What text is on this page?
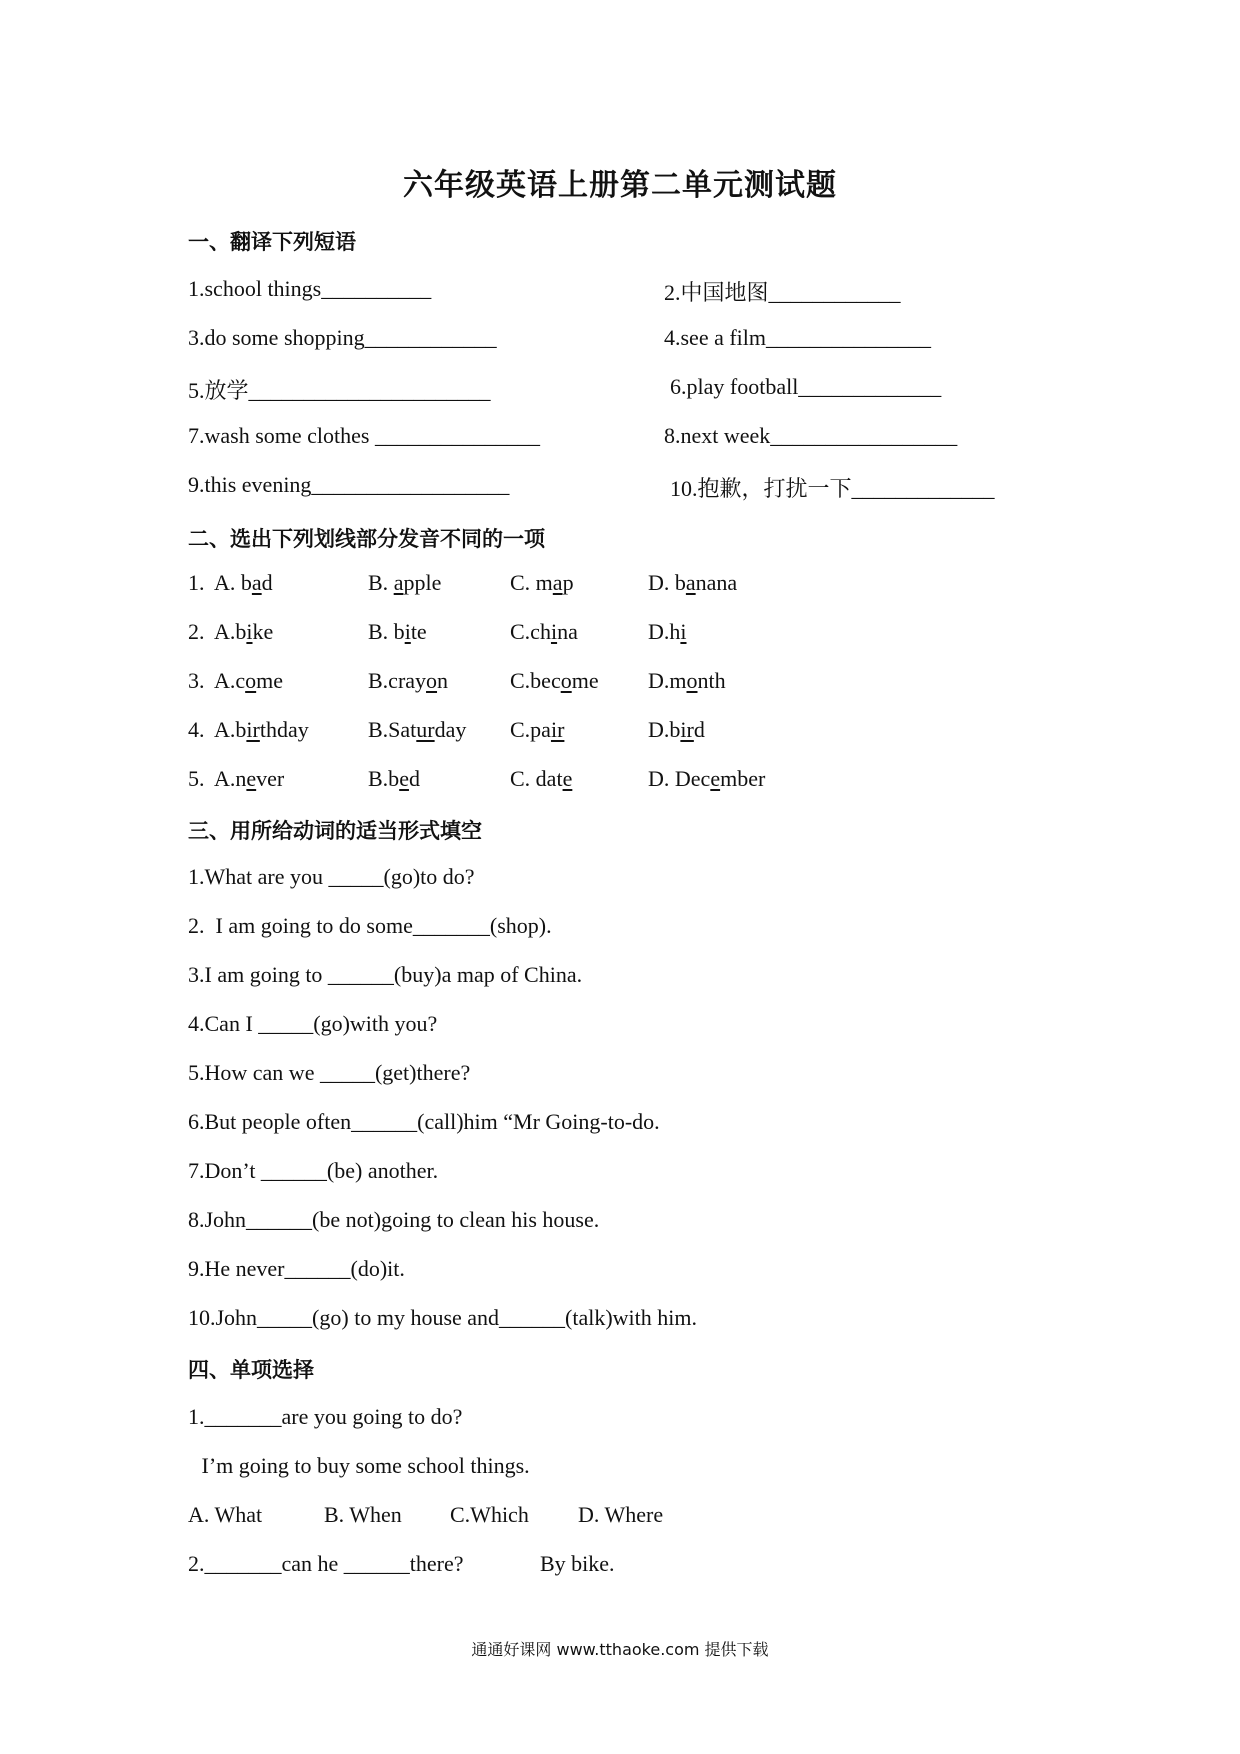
六年级英语上册第二单元测试题
一、翻译下列短语
1.school things__________	2.中国地图____________
3.do some shopping____________	4.see a film_______________
5.放学______________________	6.play football_____________
7.wash some clothes _______________	8.next week_________________
9.this evening__________________	10.抱歉，打扰一下_____________
二、选出下列划线部分发音不同的一项
1. A. bad	B. apple	C. map	D. banana
2. A.bike	B. bite	C.china	D.hi
3. A.come	B.crayon	C.become D.month
4. A.birthday	B.Saturday C.pair	D.bird
5. A.never	B.bed	C. date	D. December
三、用所给动词的适当形式填空
1.What are you _____(go)to do?
2.  I am going to do some_______(shop).
3.I am going to ______(buy)a map of China.
4.Can I _____(go)with you?
5.How can we _____(get)there?
6.But people often______(call)him “Mr Going-to-do.
7.Don’t ______(be) another.
8.John______(be not)going to clean his house.
9.He never______(do)it.
10.John_____(go) to my house and______(talk)with him.
四、单项选择
1._______are you going to do?
I’m going to buy some school things.
A. What	B. When C.Which D. Where
2._______can he ______there?	By bike.
通通好课网 www.tthaoke.com 提供下载
